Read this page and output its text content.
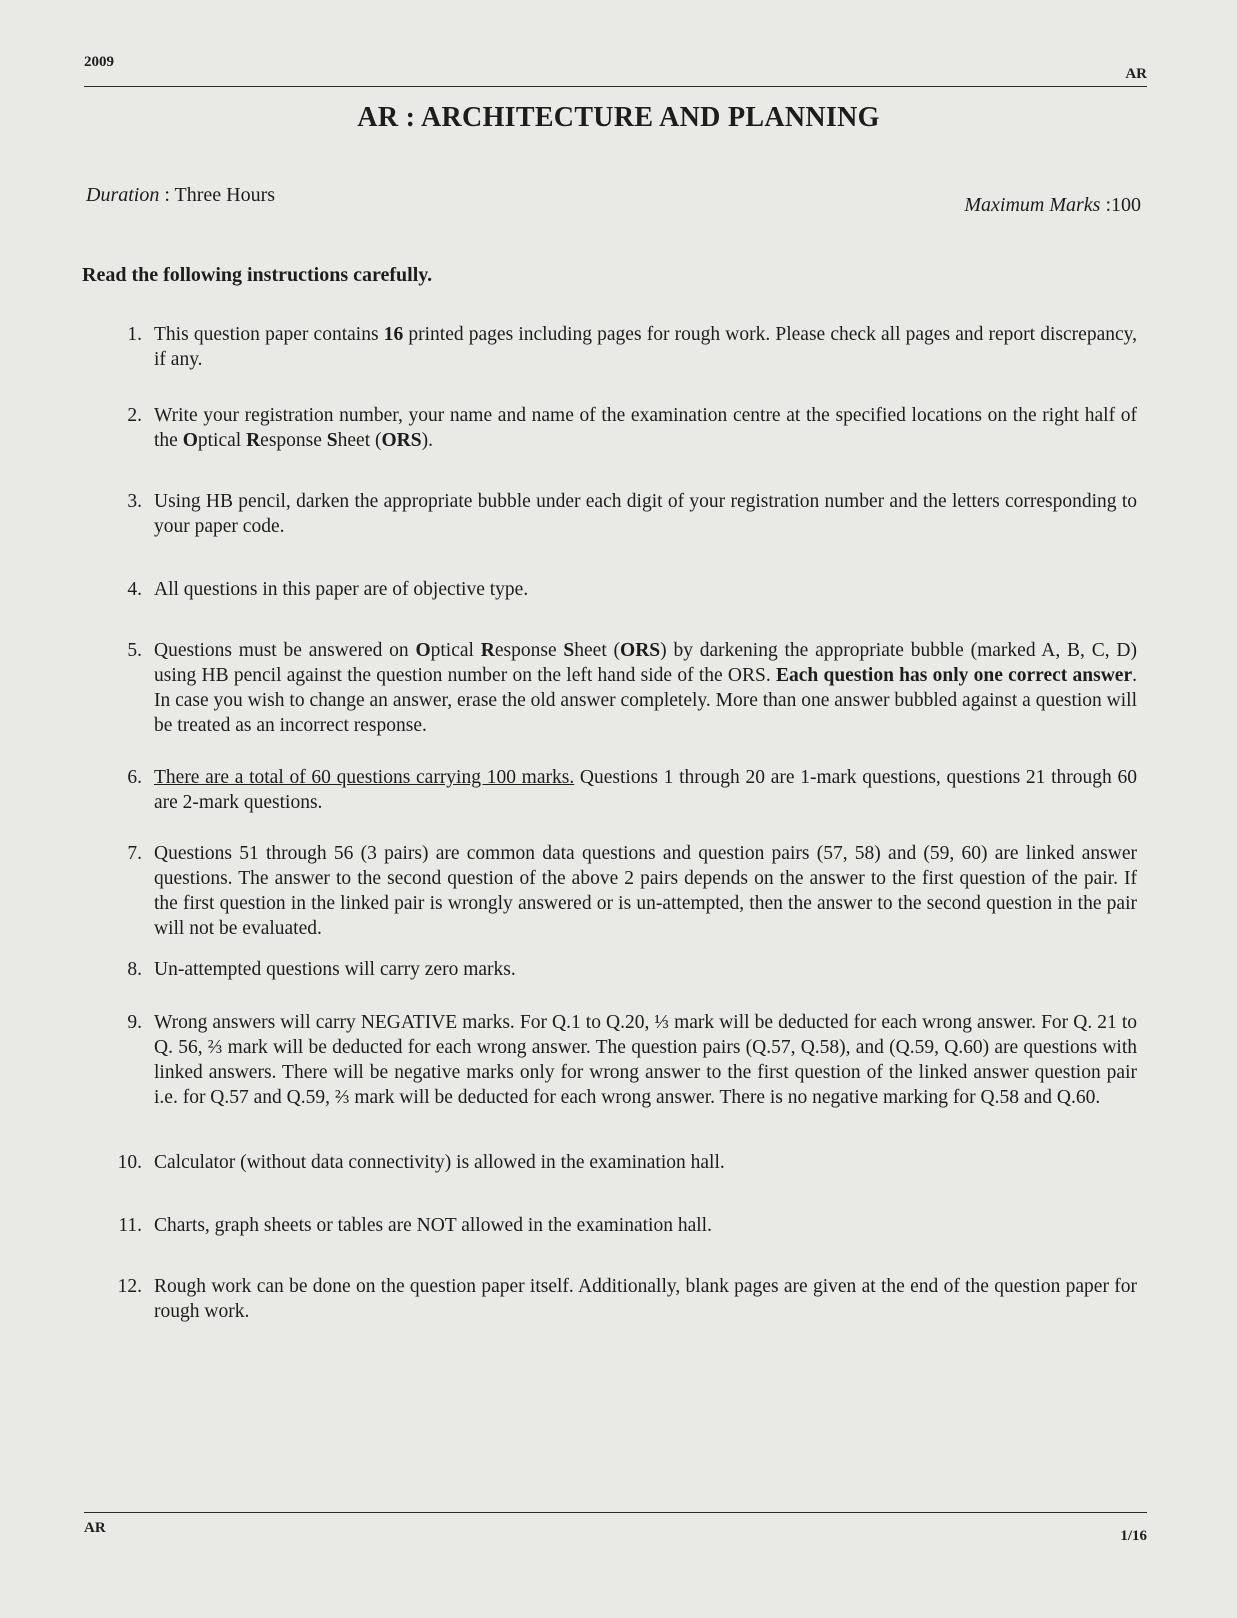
2009
AR
AR : ARCHITECTURE AND PLANNING
Duration : Three Hours	Maximum Marks :100
Read the following instructions carefully.
1. This question paper contains 16 printed pages including pages for rough work. Please check all pages and report discrepancy, if any.
2. Write your registration number, your name and name of the examination centre at the specified locations on the right half of the Optical Response Sheet (ORS).
3. Using HB pencil, darken the appropriate bubble under each digit of your registration number and the letters corresponding to your paper code.
4. All questions in this paper are of objective type.
5. Questions must be answered on Optical Response Sheet (ORS) by darkening the appropriate bubble (marked A, B, C, D) using HB pencil against the question number on the left hand side of the ORS. Each question has only one correct answer. In case you wish to change an answer, erase the old answer completely. More than one answer bubbled against a question will be treated as an incorrect response.
6. There are a total of 60 questions carrying 100 marks. Questions 1 through 20 are 1-mark questions, questions 21 through 60 are 2-mark questions.
7. Questions 51 through 56 (3 pairs) are common data questions and question pairs (57, 58) and (59, 60) are linked answer questions. The answer to the second question of the above 2 pairs depends on the answer to the first question of the pair. If the first question in the linked pair is wrongly answered or is un-attempted, then the answer to the second question in the pair will not be evaluated.
8. Un-attempted questions will carry zero marks.
9. Wrong answers will carry NEGATIVE marks. For Q.1 to Q.20, ⅓ mark will be deducted for each wrong answer. For Q. 21 to Q. 56, ⅔ mark will be deducted for each wrong answer. The question pairs (Q.57, Q.58), and (Q.59, Q.60) are questions with linked answers. There will be negative marks only for wrong answer to the first question of the linked answer question pair i.e. for Q.57 and Q.59, ⅔ mark will be deducted for each wrong answer. There is no negative marking for Q.58 and Q.60.
10. Calculator (without data connectivity) is allowed in the examination hall.
11. Charts, graph sheets or tables are NOT allowed in the examination hall.
12. Rough work can be done on the question paper itself. Additionally, blank pages are given at the end of the question paper for rough work.
AR	1/16
